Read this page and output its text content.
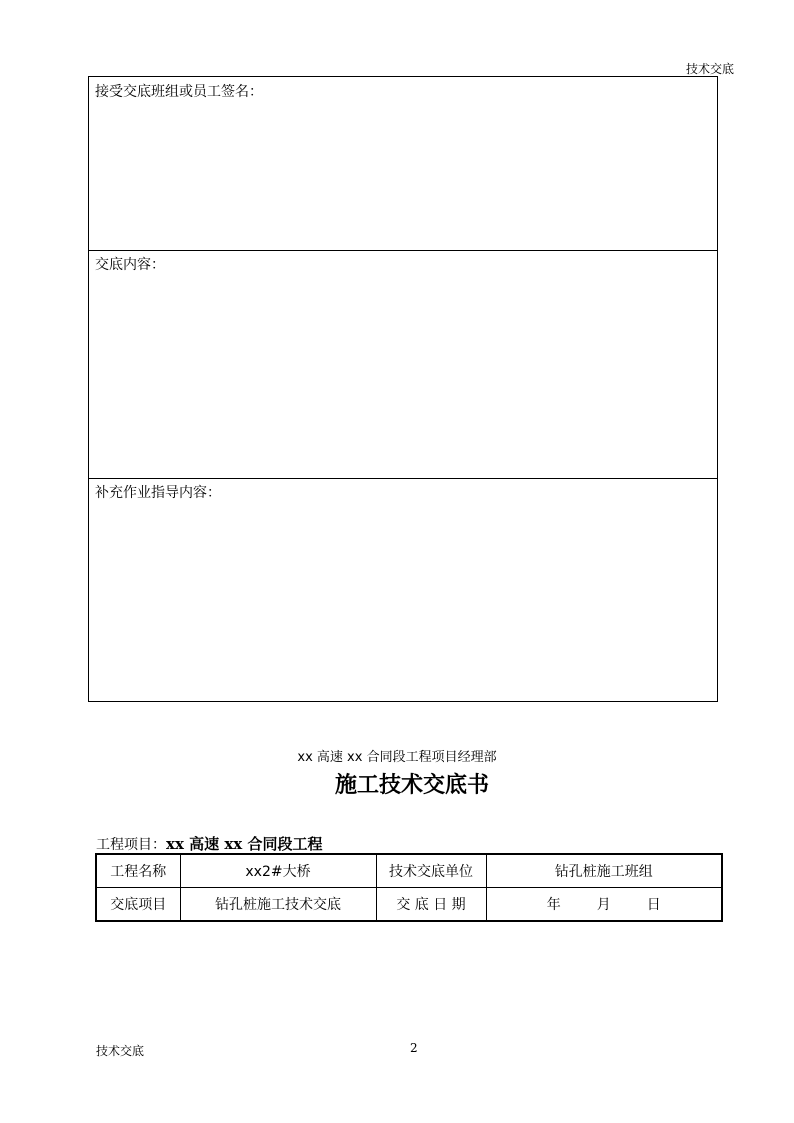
技术交底
接受交底班组或员工签名：
交底内容：
补充作业指导内容：
xx 高速 xx 合同段工程项目经理部
施工技术交底书
工程项目：xx 高速 xx 合同段工程
工程名称	xx2#大桥	技术交底单位	钻孔桩施工班组
交底项目	钻孔桩施工技术交底	交 底 日 期	年 月 日
技术交底	2
